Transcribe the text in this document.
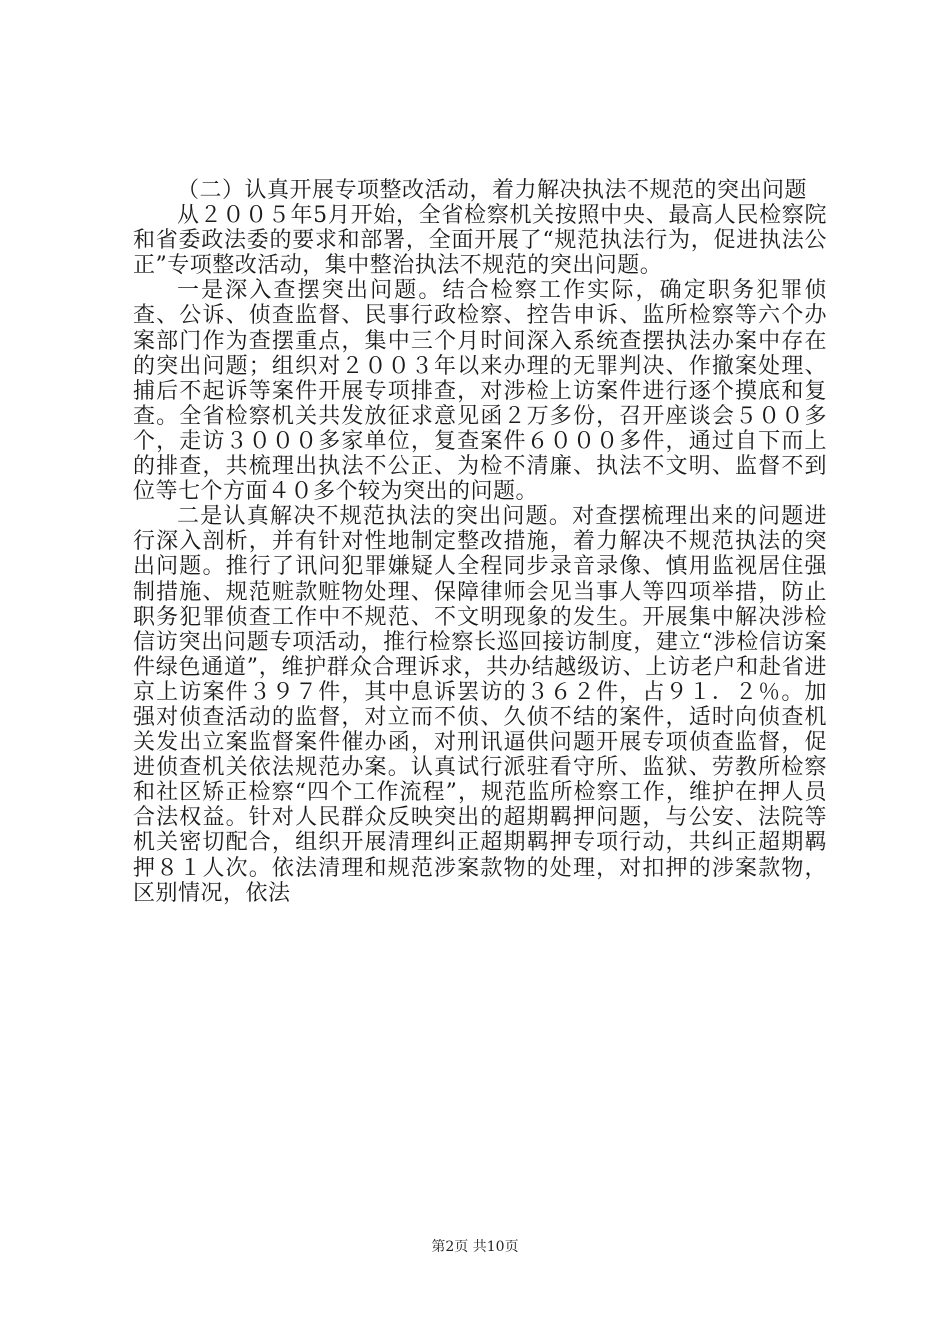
（二）认真开展专项整改活动，着力解决执法不规范的突出问题

从２００５年5月开始，全省检察机关按照中央、最高人民检察院和省委政法委的要求和部署，全面开展了“规范执法行为，促进执法公正”专项整改活动，集中整治执法不规范的突出问题。

一是深入查摆突出问题。结合检察工作实际，确定职务犯罪侦查、公诉、侦查监督、民事行政检察、控告申诉、监所检察等六个办案部门作为查摆重点，集中三个月时间深入系统查摆执法办案中存在的突出问题；组织对２００３年以来办理的无罪判决、作撤案处理、捕后不起诉等案件开展专项排查，对涉检上访案件进行逐个摸底和复查。全省检察机关共发放征求意见函２万多份，召开座谈会５００多个，走访３０００多家单位，复查案件６０００多件，通过自下而上的排查，共梳理出执法不公正、为检不清廉、执法不文明、监督不到位等七个方面４０多个较为突出的问题。

二是认真解决不规范执法的突出问题。对查摆梳理出来的问题进行深入剖析，并有针对性地制定整改措施，着力解决不规范执法的突出问题。推行了讯问犯罪嫌疑人全程同步录音录像、慎用监视居住强制措施、规范赃款赃物处理、保障律师会见当事人等四项举措，防止职务犯罪侦查工作中不规范、不文明现象的发生。开展集中解决涉检信访突出问题专项活动，推行检察长巡回接访制度，建立“涉检信访案件绿色通道”，维护群众合理诉求，共办结越级访、上访老户和赴省进京上访案件３９７件，其中息诉罢访的３６２件，占９１．２％。加强对侦查活动的监督，对立而不侦、久侦不结的案件，适时向侦查机关发出立案监督案件催办函，对刑讯逼供问题开展专项侦查监督，促进侦查机关依法规范办案。认真试行派驻看守所、监狱、劳教所检察和社区矫正检察“四个工作流程”，规范监所检察工作，维护在押人员合法权益。针对人民群众反映突出的超期羁押问题，与公安、法院等机关密切配合，组织开展清理纠正超期羁押专项行动，共纠正超期羁押８１人次。依法清理和规范涉案款物的处理，对扣押的涉案款物，区别情况，依法

第2页 共10页
